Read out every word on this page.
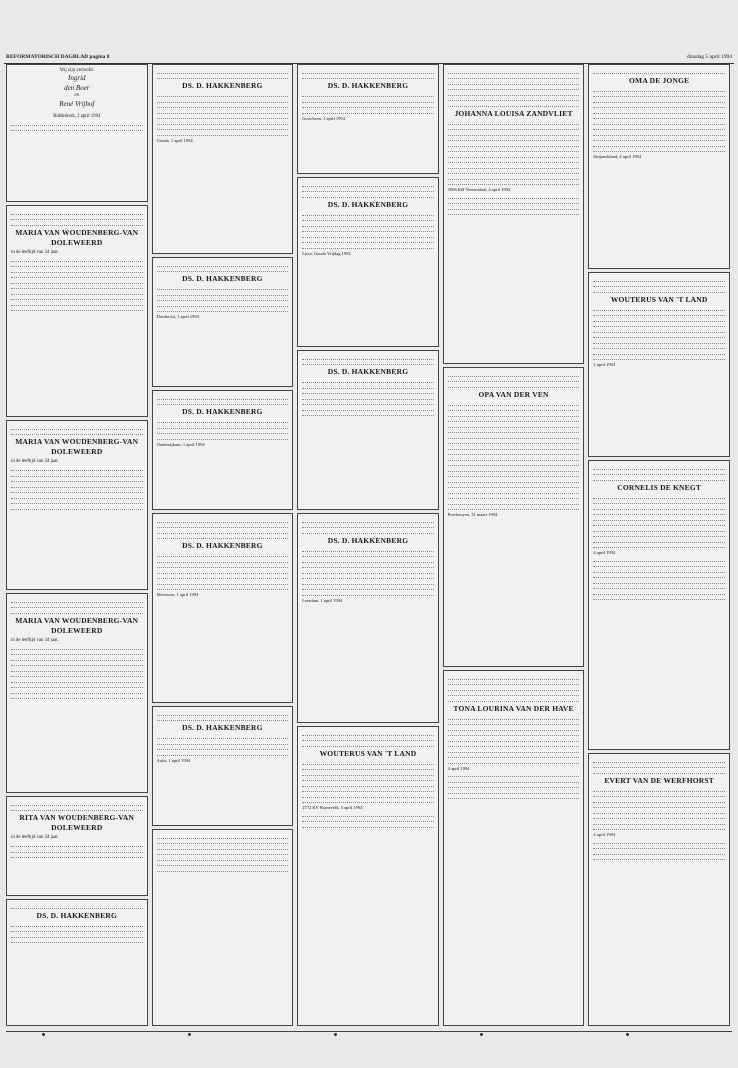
REFORMATORISCH DAGBLAD pagina 8	dinsdag 5 april 1994
Wij zijn verloofd:
Ingrid
den Boer
en
René Vrijhof
Ridderkerk, 2 april 1994
MARIA VAN WOUDENBERG-VAN DOLEWEERD
in de leeftijd van 34 jaar.
MARIA VAN WOUDENBERG-VAN DOLEWEERD
in de leeftijd van 34 jaar.
MARIA VAN WOUDENBERG-VAN DOLEWEERD
in de leeftijd van 34 jaar.
RITA VAN WOUDENBERG-VAN DOLEWEERD
in de leeftijd van 34 jaar.
DS. D. HAKKENBERG
DS. D. HAKKENBERG
Gouda, 1 april 1994
DS. D. HAKKENBERG
Dordrecht, 1 april 1994
DS. D. HAKKENBERG
Oudenrijkum, 1 april 1994
DS. D. HAKKENBERG
Meeuwen, 1 april 1994
DS. D. HAKKENBERG
Aalst, 1 april 1994
DS. D. HAKKENBERG
Goricheen, 1 april 1994
DS. D. HAKKENBERG
Lisse, Gouda Vrijdag 1994
DS. D. HAKKENBERG
DS. D. HAKKENBERG
Leerdam, 1 april 1994
WOUTERUS VAN 'T LAND
2772 KV Barneveld, 3 april 1994
JOHANNA LOUISA ZANDVLIET
3906 KH Veenendaal, 4 april 1994
OPA VAN DER VEN
Poederoyen, 31 maart 1994
TONA LOURINA VAN DER HAVE
4 april 1994
OMA DE JONGE
Strijandsland, 4 april 1994
WOUTERUS VAN 'T LAND
2 april 1994
CORNELIS DE KNEGT
4 april 1994
EVERT VAN DE WERFHORST
4 april 1994
